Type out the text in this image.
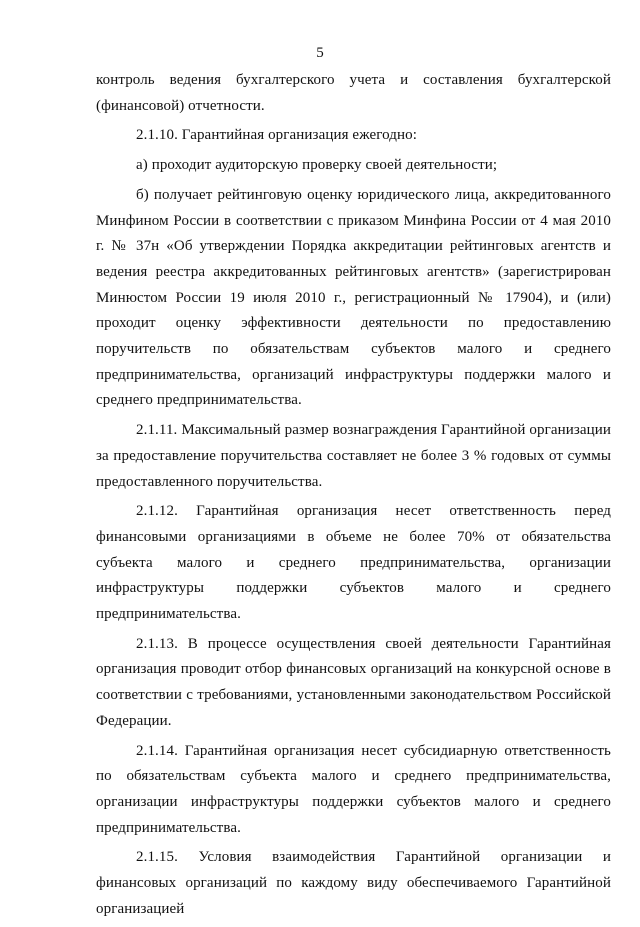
5

контроль ведения бухгалтерского учета и составления бухгалтерской (финансовой) отчетности.

2.1.10. Гарантийная организация ежегодно:

а) проходит аудиторскую проверку своей деятельности;

б) получает рейтинговую оценку юридического лица, аккредитованного Минфином России в соответствии с приказом Минфина России от 4 мая 2010 г. № 37н «Об утверждении Порядка аккредитации рейтинговых агентств и ведения реестра аккредитованных рейтинговых агентств» (зарегистрирован Минюстом России 19 июля 2010 г., регистрационный № 17904), и (или) проходит оценку эффективности деятельности по предоставлению поручительств по обязательствам субъектов малого и среднего предпринимательства, организаций инфраструктуры поддержки малого и среднего предпринимательства.

2.1.11. Максимальный размер вознаграждения Гарантийной организации за предоставление поручительства составляет не более 3 % годовых от суммы предоставленного поручительства.

2.1.12. Гарантийная организация несет ответственность перед финансовыми организациями в объеме не более 70% от обязательства субъекта малого и среднего предпринимательства, организации инфраструктуры поддержки субъектов малого и среднего предпринимательства.

2.1.13. В процессе осуществления своей деятельности Гарантийная организация проводит отбор финансовых организаций на конкурсной основе в соответствии с требованиями, установленными законодательством Российской Федерации.

2.1.14. Гарантийная организация несет субсидиарную ответственность по обязательствам субъекта малого и среднего предпринимательства, организации инфраструктуры поддержки субъектов малого и среднего предпринимательства.

2.1.15. Условия взаимодействия Гарантийной организации и финансовых организаций по каждому виду обеспечиваемого Гарантийной организацией
